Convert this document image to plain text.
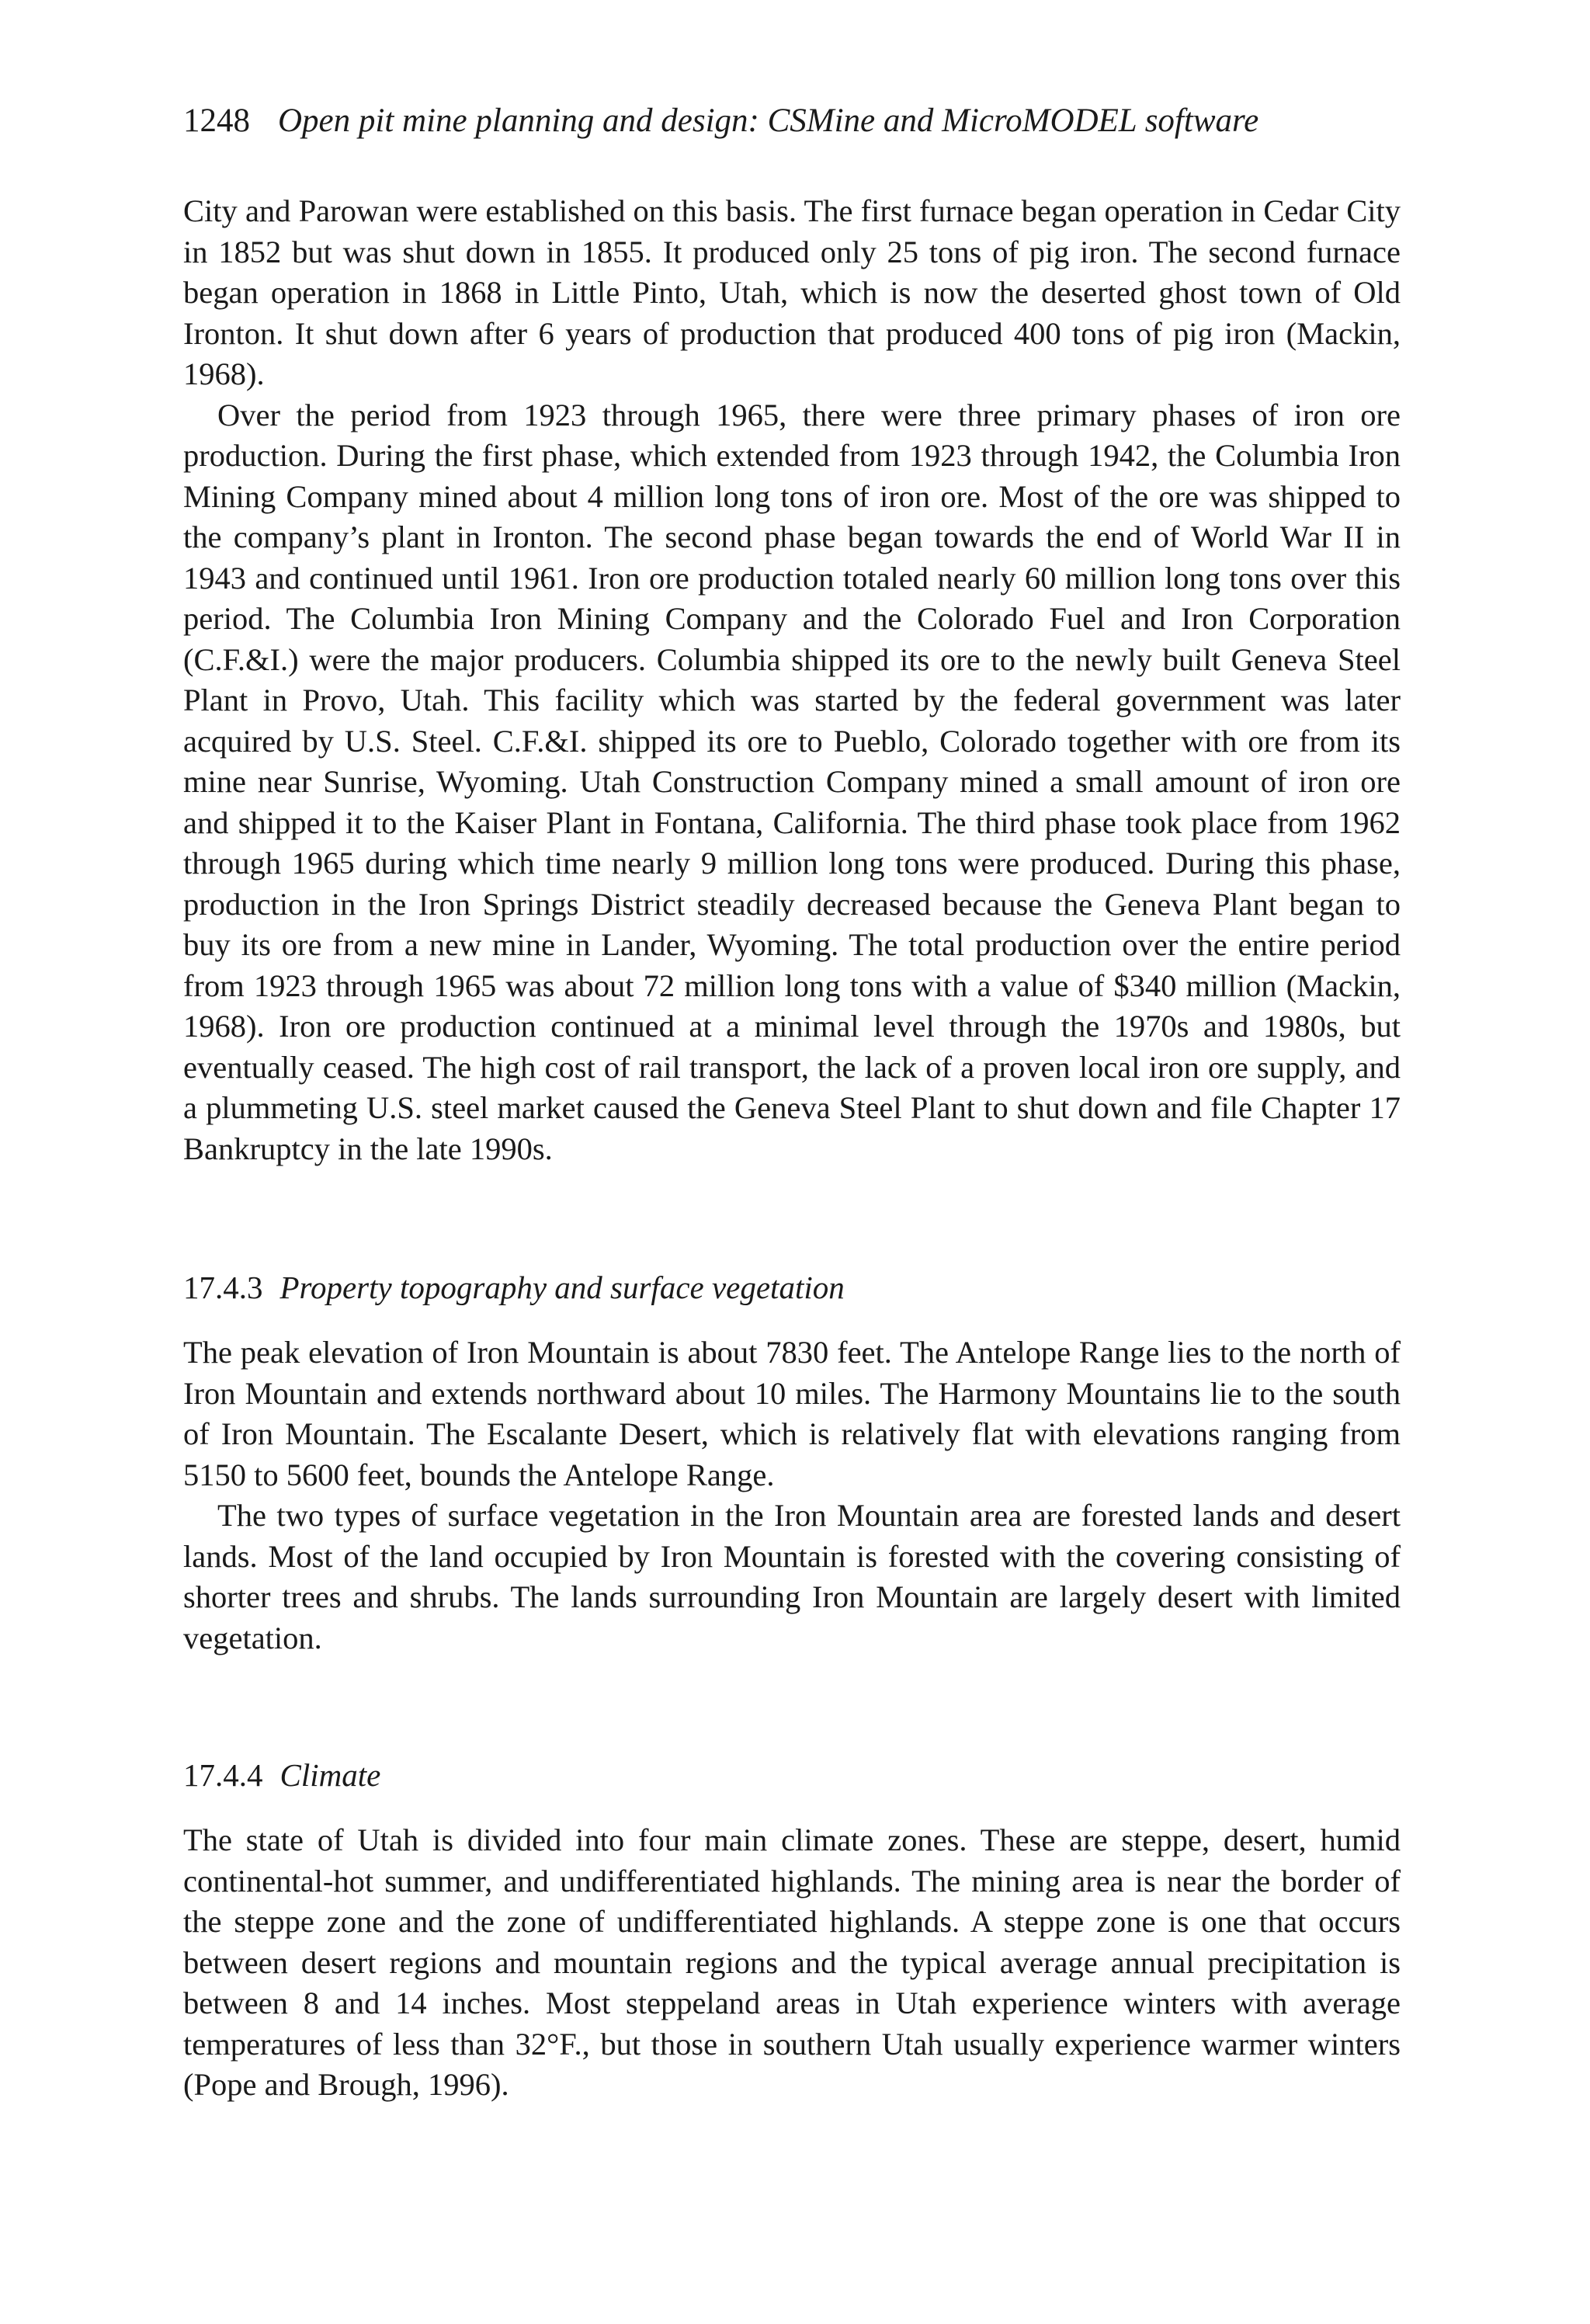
1248 Open pit mine planning and design: CSMine and MicroMODEL software

City and Parowan were established on this basis. The first furnace began operation in Cedar City in 1852 but was shut down in 1855. It produced only 25 tons of pig iron. The second furnace began operation in 1868 in Little Pinto, Utah, which is now the deserted ghost town of Old Ironton. It shut down after 6 years of production that produced 400 tons of pig iron (Mackin, 1968).

Over the period from 1923 through 1965, there were three primary phases of iron ore production. During the first phase, which extended from 1923 through 1942, the Columbia Iron Mining Company mined about 4 million long tons of iron ore. Most of the ore was shipped to the company’s plant in Ironton. The second phase began towards the end of World War II in 1943 and continued until 1961. Iron ore production totaled nearly 60 million long tons over this period. The Columbia Iron Mining Company and the Colorado Fuel and Iron Corporation (C.F.&I.) were the major producers. Columbia shipped its ore to the newly built Geneva Steel Plant in Provo, Utah. This facility which was started by the federal government was later acquired by U.S. Steel. C.F.&I. shipped its ore to Pueblo, Colorado together with ore from its mine near Sunrise, Wyoming. Utah Construction Company mined a small amount of iron ore and shipped it to the Kaiser Plant in Fontana, California. The third phase took place from 1962 through 1965 during which time nearly 9 million long tons were produced. During this phase, production in the Iron Springs District steadily decreased because the Geneva Plant began to buy its ore from a new mine in Lander, Wyoming. The total production over the entire period from 1923 through 1965 was about 72 million long tons with a value of $340 million (Mackin, 1968). Iron ore production continued at a minimal level through the 1970s and 1980s, but eventually ceased. The high cost of rail transport, the lack of a proven local iron ore supply, and a plummeting U.S. steel market caused the Geneva Steel Plant to shut down and file Chapter 17 Bankruptcy in the late 1990s.

17.4.3 Property topography and surface vegetation

The peak elevation of Iron Mountain is about 7830 feet. The Antelope Range lies to the north of Iron Mountain and extends northward about 10 miles. The Harmony Mountains lie to the south of Iron Mountain. The Escalante Desert, which is relatively flat with elevations ranging from 5150 to 5600 feet, bounds the Antelope Range.

The two types of surface vegetation in the Iron Mountain area are forested lands and desert lands. Most of the land occupied by Iron Mountain is forested with the covering consisting of shorter trees and shrubs. The lands surrounding Iron Mountain are largely desert with limited vegetation.

17.4.4 Climate

The state of Utah is divided into four main climate zones. These are steppe, desert, humid continental-hot summer, and undifferentiated highlands. The mining area is near the border of the steppe zone and the zone of undifferentiated highlands. A steppe zone is one that occurs between desert regions and mountain regions and the typical average annual precipitation is between 8 and 14 inches. Most steppeland areas in Utah experience winters with average temperatures of less than 32°F., but those in southern Utah usually experience warmer winters (Pope and Brough, 1996).
